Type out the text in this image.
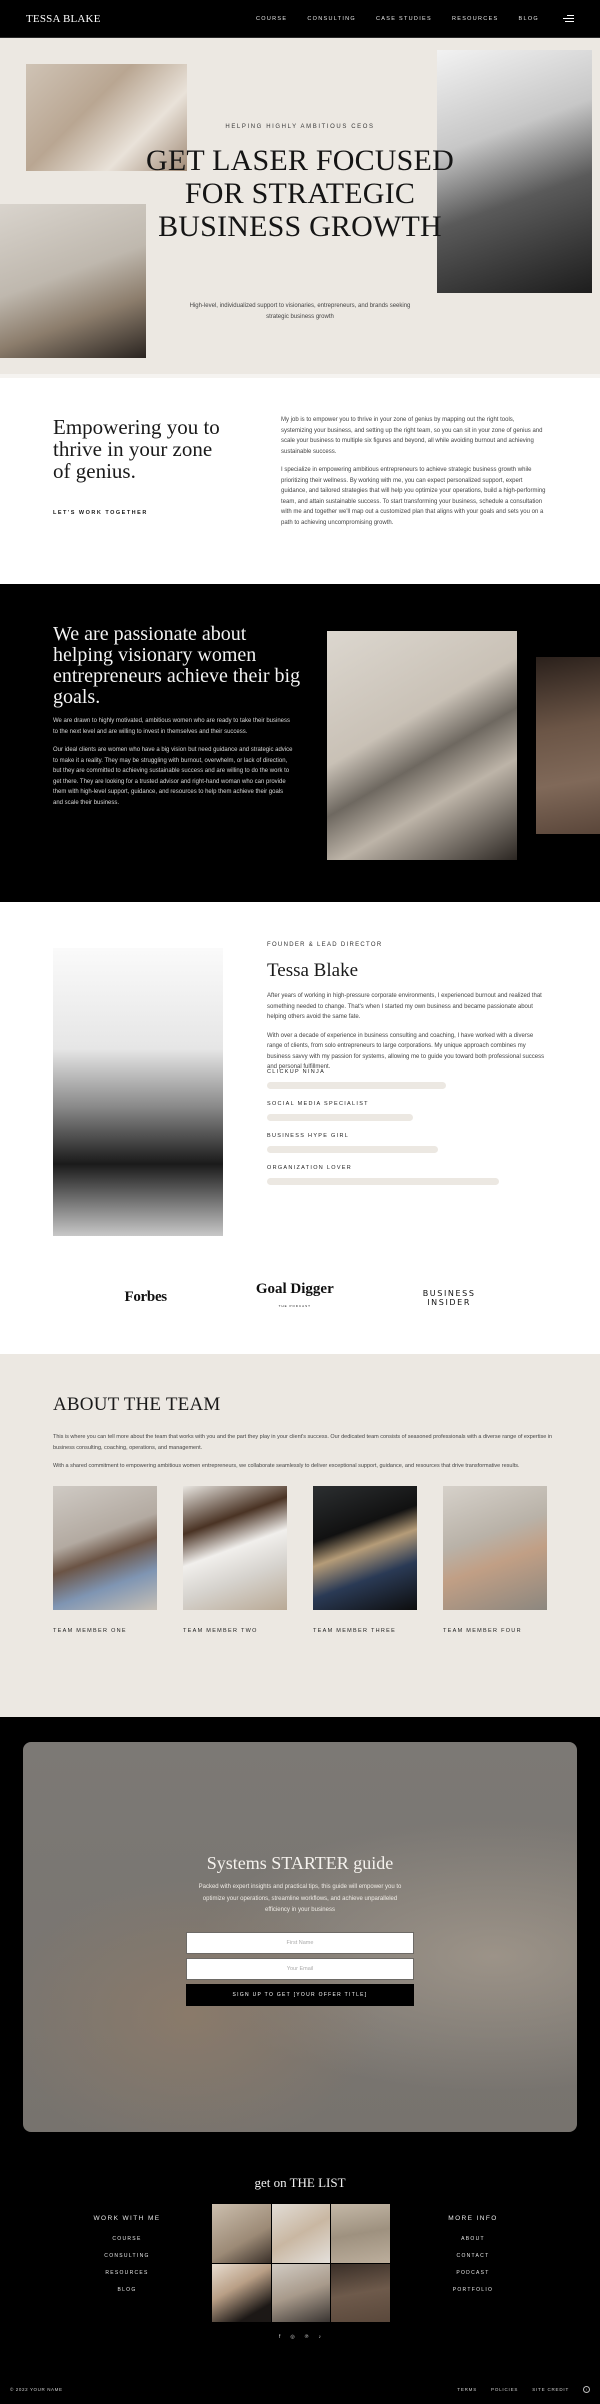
TESSA BLAKE	COURSE	CONSULTING	CASE STUDIES	RESOURCES	BLOG
HELPING HIGHLY AMBITIOUS CEOS
GET LASER FOCUSED
FOR STRATEGIC
BUSINESS GROWTH

High-level, individualized support to visionaries, entrepreneurs, and brands seeking strategic business growth

Empowering you to thrive in your zone of genius.
LET'S WORK TOGETHER

My job is to empower you to thrive in your zone of genius by mapping out the right tools, systemizing your business, and setting up the right team, so you can sit in your zone of genius and scale your business to multiple six figures and beyond, all while avoiding burnout and achieving sustainable success.

I specialize in empowering ambitious entrepreneurs to achieve strategic business growth while prioritizing their wellness. By working with me, you can expect personalized support, expert guidance, and tailored strategies that will help you optimize your operations, build a high-performing team, and attain sustainable success. To start transforming your business, schedule a consultation with me and together we'll map out a customized plan that aligns with your goals and sets you on a path to achieving uncompromising growth.

We are passionate about helping visionary women entrepreneurs achieve their big goals.

We are drawn to highly motivated, ambitious women who are ready to take their business to the next level and are willing to invest in themselves and their success.

Our ideal clients are women who have a big vision but need guidance and strategic advice to make it a reality. They may be struggling with burnout, overwhelm, or lack of direction, but they are committed to achieving sustainable success and are willing to do the work to get there. They are looking for a trusted advisor and right-hand woman who can provide them with high-level support, guidance, and resources to help them achieve their goals and scale their business.

FOUNDER & LEAD DIRECTOR
Tessa Blake

After years of working in high-pressure corporate environments, I experienced burnout and realized that something needed to change. That's when I started my own business and became passionate about helping others avoid the same fate.

With over a decade of experience in business consulting and coaching, I have worked with a diverse range of clients, from solo entrepreneurs to large corporations. My unique approach combines my business savvy with my passion for systems, allowing me to guide you toward both professional success and personal fulfillment.

CLICKUP NINJA
SOCIAL MEDIA SPECIALIST
BUSINESS HYPE GIRL
ORGANIZATION LOVER
Forbes	Goal Digger
THE PODCAST
BUSINESS
INSIDER
ABOUT THE TEAM

This is where you can tell more about the team that works with you and the part they play in your client's success. Our dedicated team consists of seasoned professionals with a diverse range of expertise in business consulting, coaching, operations, and management.

With a shared commitment to empowering ambitious women entrepreneurs, we collaborate seamlessly to deliver exceptional support, guidance, and resources that drive transformative results.

TEAM MEMBER ONE	TEAM MEMBER TWO	TEAM MEMBER THREE	TEAM MEMBER FOUR
Systems STARTER guide

Packed with expert insights and practical tips, this guide will empower you to optimize your operations, streamline workflows, and achieve unparalleled efficiency in your business

First Name
Your Email
SIGN UP TO GET [YOUR OFFER TITLE]
get on THE LIST
WORK WITH ME
COURSE
CONSULTING
RESOURCES
BLOG
MORE INFO
ABOUT
CONTACT
PODCAST
PORTFOLIO
f ◎ ℗ ♪
© 2022 YOUR NAME	TERMS	POLICIES	SITE CREDIT	↑
